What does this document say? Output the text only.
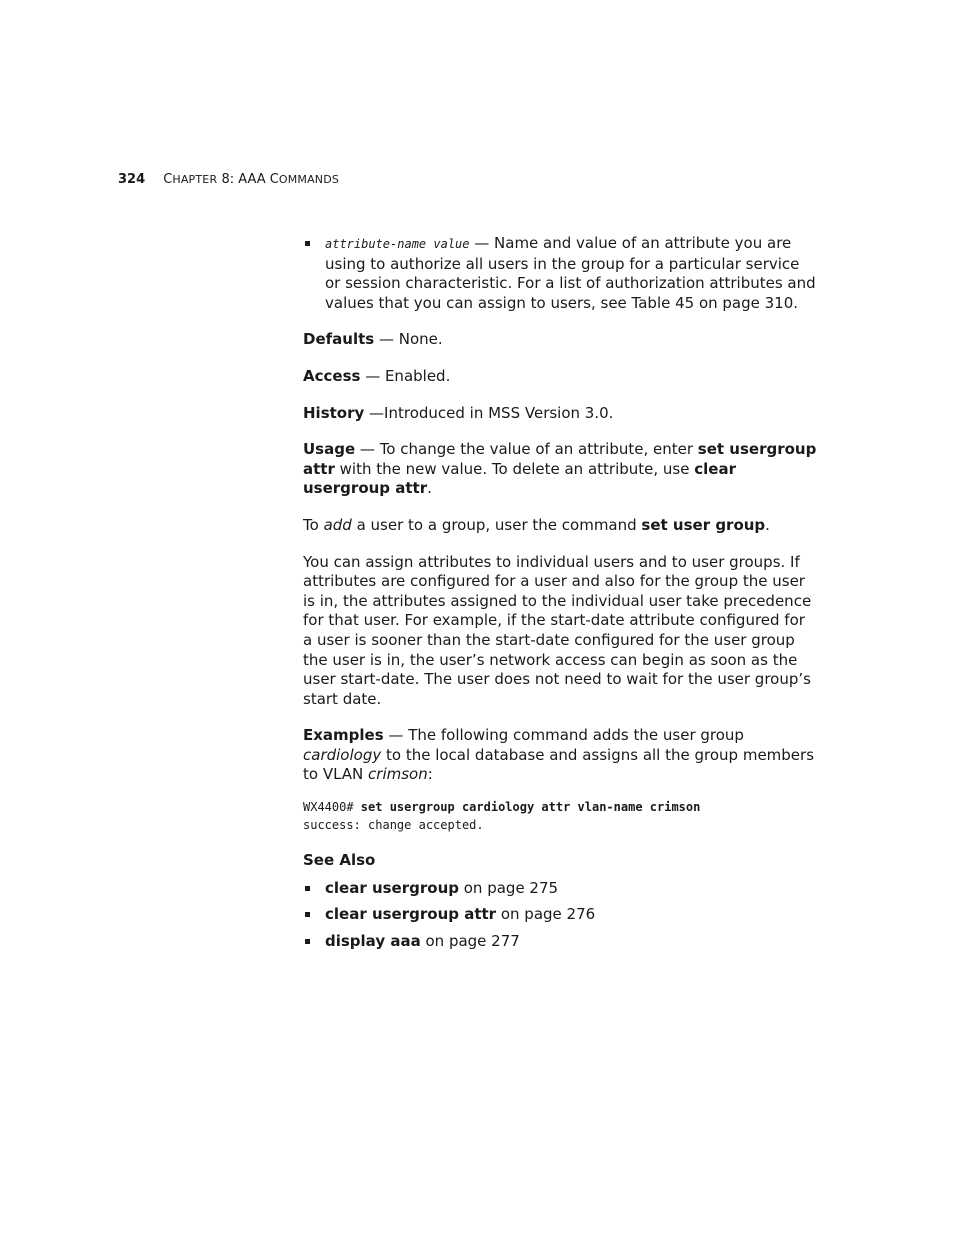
324 CHAPTER 8: AAA COMMANDS

attribute-name value — Name and value of an attribute you are using to authorize all users in the group for a particular service or session characteristic. For a list of authorization attributes and values that you can assign to users, see Table 45 on page 310.

Defaults — None.

Access — Enabled.

History —Introduced in MSS Version 3.0.

Usage — To change the value of an attribute, enter set usergroup attr with the new value. To delete an attribute, use clear usergroup attr.

To add a user to a group, user the command set user group.

You can assign attributes to individual users and to user groups. If attributes are configured for a user and also for the group the user is in, the attributes assigned to the individual user take precedence for that user. For example, if the start-date attribute configured for a user is sooner than the start-date configured for the user group the user is in, the user’s network access can begin as soon as the user start-date. The user does not need to wait for the user group’s start date.

Examples — The following command adds the user group cardiology to the local database and assigns all the group members to VLAN crimson:

WX4400# set usergroup cardiology attr vlan-name crimson
success: change accepted.
See Also
clear usergroup on page 275
clear usergroup attr on page 276
display aaa on page 277
